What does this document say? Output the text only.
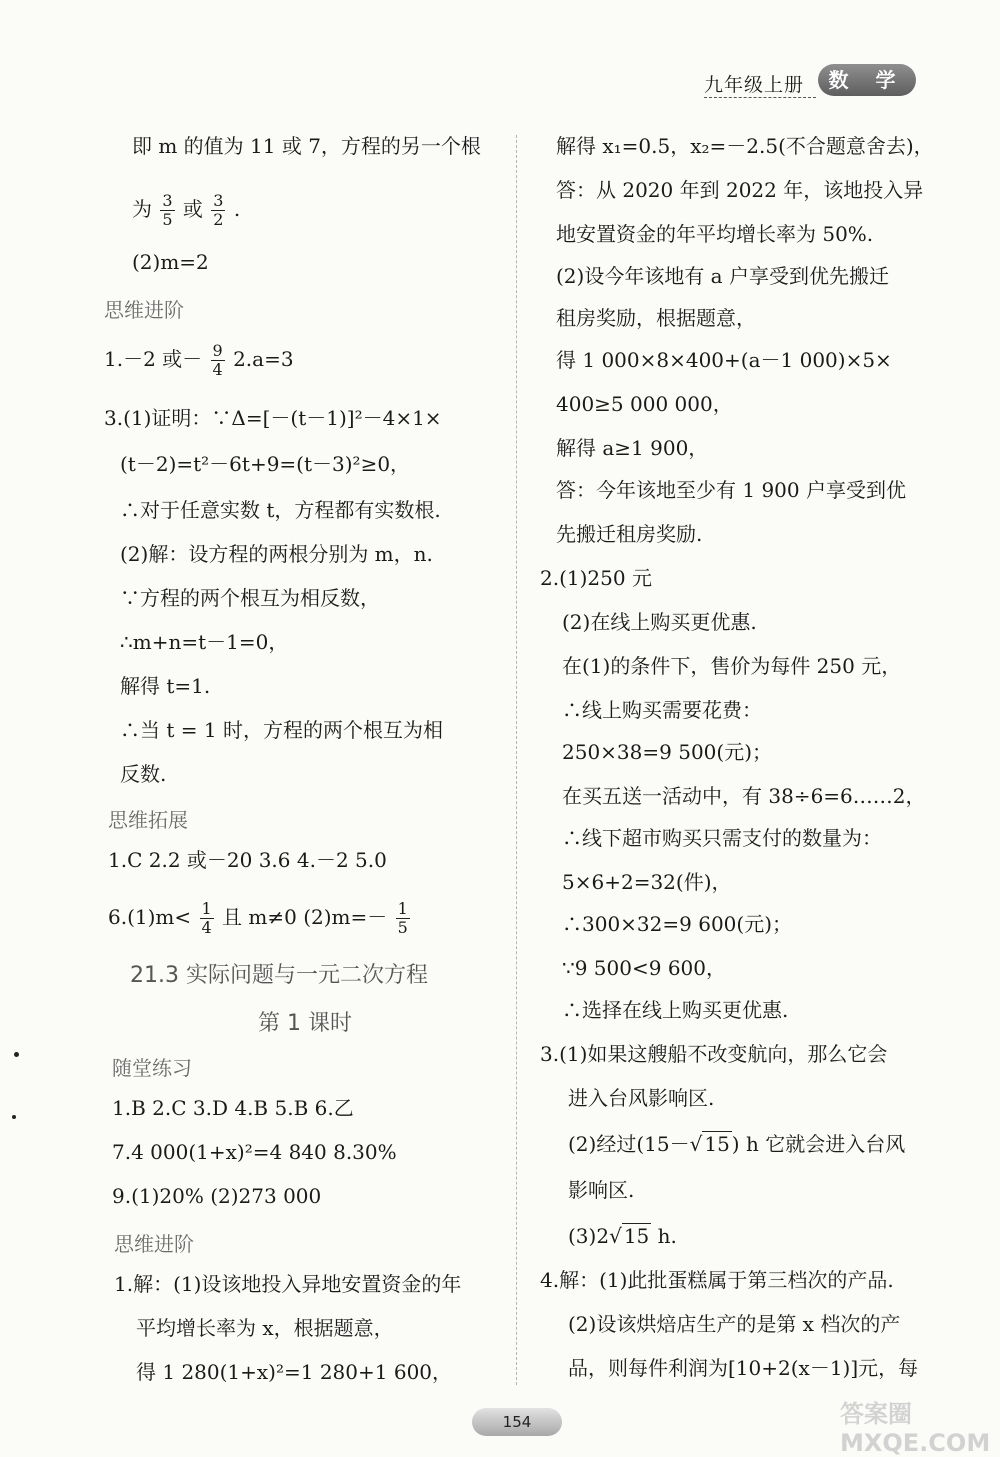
九年级上册	数 学
即 m 的值为 11 或 7，方程的另一个根
为 $\frac{3}{5}$ 或 $\frac{3}{2}$ .
(2)m=2
思维进阶
1.－2 或－ $\frac{9}{4} 2.a=3$
3.(1)证明：∵Δ=[－(t－1)]²－4×1×
(t－2)=t²－6t+9=(t－3)²≥0，
∴对于任意实数 t，方程都有实数根.
(2)解：设方程的两根分别为 m，n.
∵方程的两个根互为相反数，
∴m+n=t－1=0，
解得 t=1.
∴当 t = 1 时，方程的两个根互为相
反数.
思维拓展
1.C 2.2 或－20 3.6 4.－2 5.0
$6.(1)m< \frac{1}{4}$ 且 m≠0 $(2)m=- \frac{1}{5}$
21.3 实际问题与一元二次方程
第 1 课时
随堂练习
1.B 2.C 3.D 4.B 5.B 6.乙
7.4 000(1+x)²=4 840 8.30%
9.(1)20% (2)273 000
思维进阶
1.解：(1)设该地投入异地安置资金的年
平均增长率为 x，根据题意，
得 1 280(1+x)²=1 280+1 600，
解得 x₁=0.5，x₂=－2.5(不合题意舍去)，
答：从 2020 年到 2022 年，该地投入异
地安置资金的年平均增长率为 50%.
(2)设今年该地有 a 户享受到优先搬迁
租房奖励，根据题意，
得 1 000×8×400+(a－1 000)×5×
400≥5 000 000，
解得 a≥1 900，
答：今年该地至少有 1 900 户享受到优
先搬迁租房奖励.
2.(1)250 元
(2)在线上购买更优惠.
在(1)的条件下，售价为每件 250 元，
∴线上购买需要花费：
250×38=9 500(元)；
在买五送一活动中，有 38÷6=6……2，
∴线下超市购买只需支付的数量为：
5×6+2=32(件)，
∴300×32=9 600(元)；
∵9 500<9 600，
∴选择在线上购买更优惠.
3.(1)如果这艘船不改变航向，那么它会
进入台风影响区.
(2)经过(15－√ 15 ) h 它就会进入台风
影响区.
(3)2√ 15 h.
4.解：(1)此批蛋糕属于第三档次的产品.
(2)设该烘焙店生产的是第 x 档次的产
品，则每件利润为[10+2(x－1)]元，每
154	答案圈 MXQE.COM
